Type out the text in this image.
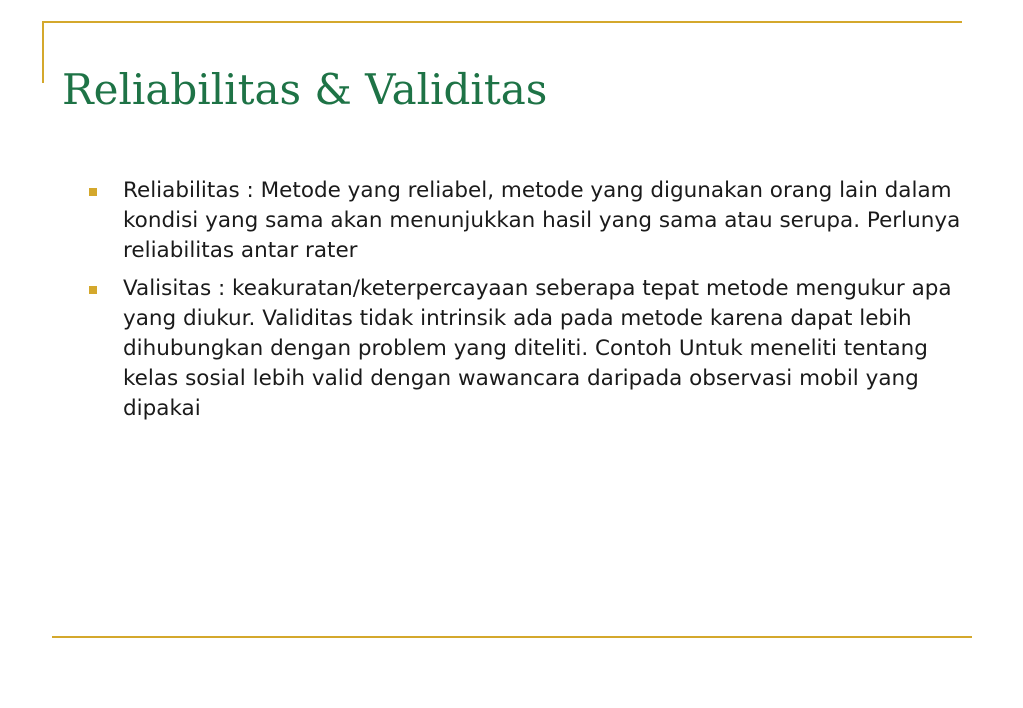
Reliabilitas & Validitas
Reliabilitas : Metode yang reliabel, metode yang digunakan orang lain dalam kondisi yang sama akan menunjukkan hasil yang sama atau serupa. Perlunya reliabilitas antar rater
Valisitas : keakuratan/keterpercayaan seberapa tepat metode mengukur apa yang diukur. Validitas tidak intrinsik ada pada metode karena dapat lebih dihubungkan dengan problem yang diteliti. Contoh Untuk meneliti tentang kelas sosial lebih valid dengan wawancara daripada observasi mobil yang dipakai
